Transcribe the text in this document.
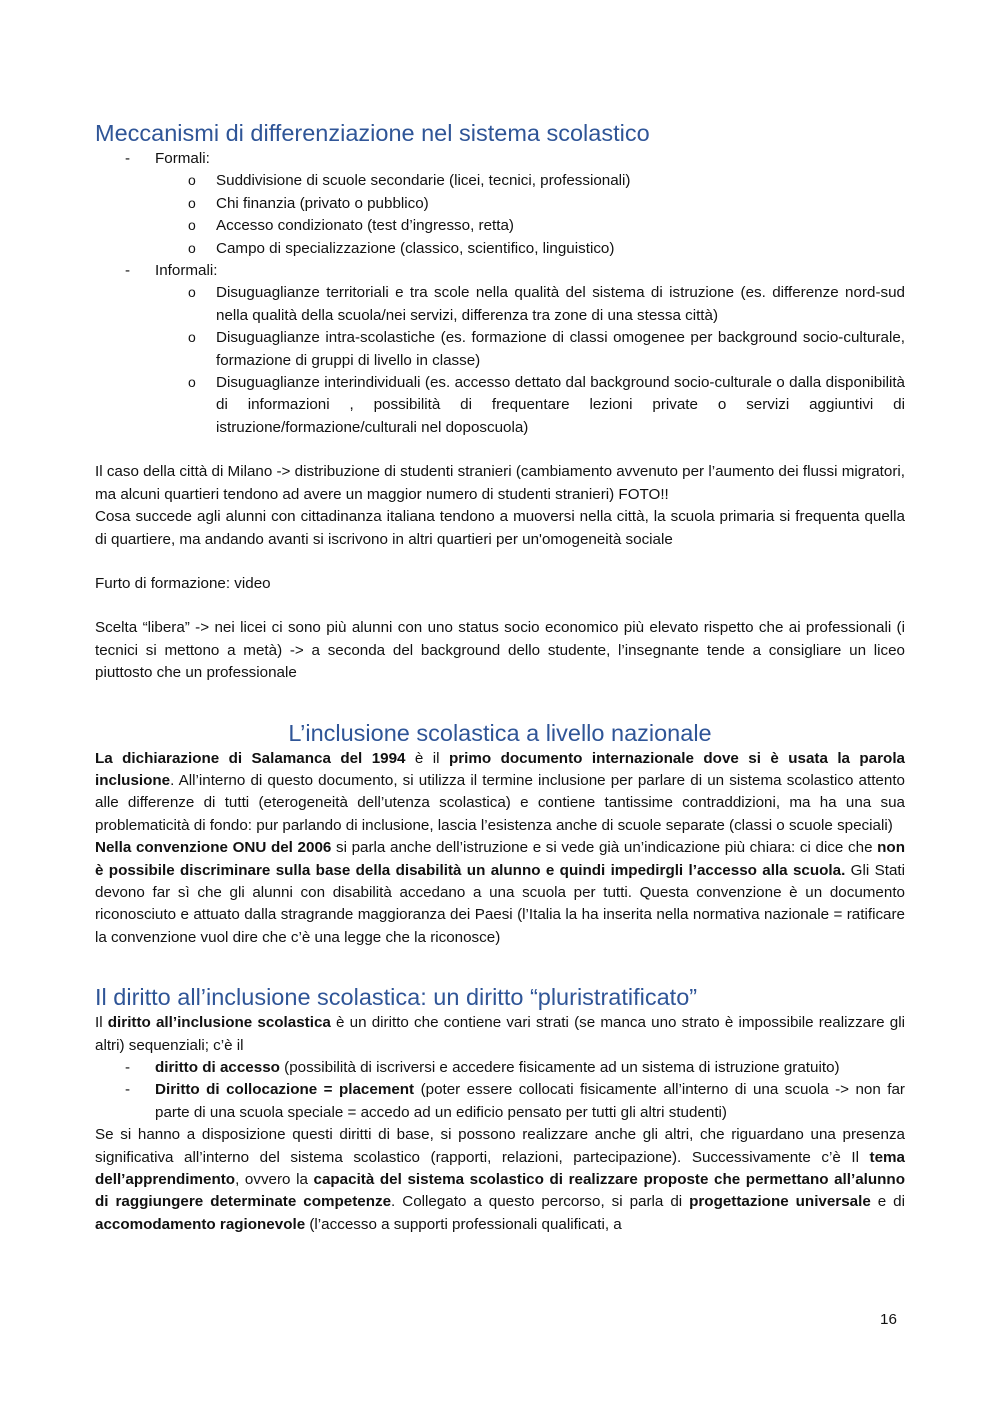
Meccanismi di differenziazione nel sistema scolastico
- Formali:
o Suddivisione di scuole secondarie (licei, tecnici, professionali)
o Chi finanzia (privato o pubblico)
o Accesso condizionato (test d’ingresso, retta)
o Campo di specializzazione (classico, scientifico, linguistico)
- Informali:
o Disuguaglianze territoriali e tra scole nella qualità del sistema di istruzione (es. differenze nord-sud nella qualità della scuola/nei servizi, differenza tra zone di una stessa città)
o Disuguaglianze intra-scolastiche (es. formazione di classi omogenee per background socio-culturale, formazione di gruppi di livello in classe)
o Disuguaglianze interindividuali (es. accesso dettato dal background socio-culturale o dalla disponibilità di informazioni , possibilità di frequentare lezioni private o servizi aggiuntivi di istruzione/formazione/culturali nel doposcuola)

Il caso della città di Milano -> distribuzione di studenti stranieri (cambiamento avvenuto per l’aumento dei flussi migratori, ma alcuni quartieri tendono ad avere un maggior numero di studenti stranieri) FOTO!!

Cosa succede agli alunni con cittadinanza italiana tendono a muoversi nella città, la scuola primaria si frequenta quella di quartiere, ma andando avanti si iscrivono in altri quartieri per un'omogeneità sociale

Furto di formazione: video

Scelta “libera” -> nei licei ci sono più alunni con uno status socio economico più elevato rispetto che ai professionali (i tecnici si mettono a metà) -> a seconda del background dello studente, l’insegnante tende a consigliare un liceo piuttosto che un professionale

L’inclusione scolastica a livello nazionale

La dichiarazione di Salamanca del 1994 è il primo documento internazionale dove si è usata la parola inclusione. All’interno di questo documento, si utilizza il termine inclusione per parlare di un sistema scolastico attento alle differenze di tutti (eterogeneità dell’utenza scolastica) e contiene tantissime contraddizioni, ma ha una sua problematicità di fondo: pur parlando di inclusione, lascia l’esistenza anche di scuole separate (classi o scuole speciali)

Nella convenzione ONU del 2006 si parla anche dell’istruzione e si vede già un’indicazione più chiara: ci dice che non è possibile discriminare sulla base della disabilità un alunno e quindi impedirgli l’accesso alla scuola. Gli Stati devono far sì che gli alunni con disabilità accedano a una scuola per tutti. Questa convenzione è un documento riconosciuto e attuato dalla stragrande maggioranza dei Paesi (l’Italia la ha inserita nella normativa nazionale = ratificare la convenzione vuol dire che c’è una legge che la riconosce)

Il diritto all’inclusione scolastica: un diritto “pluristratificato”

Il diritto all’inclusione scolastica è un diritto che contiene vari strati (se manca uno strato è impossibile realizzare gli altri) sequenziali; c’è il

- diritto di accesso (possibilità di iscriversi e accedere fisicamente ad un sistema di istruzione gratuito)
- Diritto di collocazione = placement (poter essere collocati fisicamente all’interno di una scuola -> non far parte di una scuola speciale = accedo ad un edificio pensato per tutti gli altri studenti)

Se si hanno a disposizione questi diritti di base, si possono realizzare anche gli altri, che riguardano una presenza significativa all’interno del sistema scolastico (rapporti, relazioni, partecipazione). Successivamente c’è Il tema dell’apprendimento, ovvero la capacità del sistema scolastico di realizzare proposte che permettano all’alunno di raggiungere determinate competenze. Collegato a questo percorso, si parla di progettazione universale e di accomodamento ragionevole (l’accesso a supporti professionali qualificati, a

16
